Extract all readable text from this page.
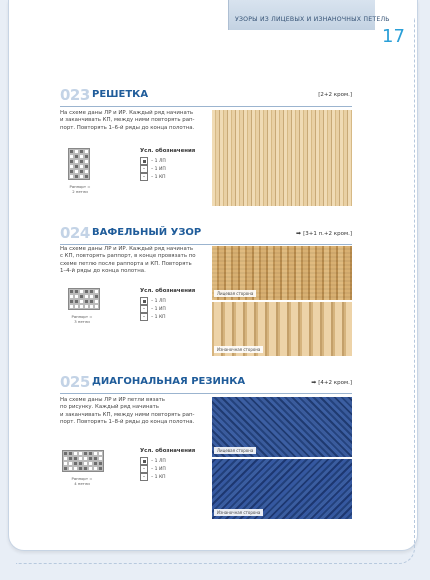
УЗОРЫ ИЗ ЛИЦЕВЫХ И ИЗНАНОЧНЫХ ПЕТЕЛЬ
17
023 РЕШЕТКА	[2+2 кром.]
На схеме даны ЛР и ИР. Каждый ряд начинать
и заканчивать КП, между ними повторять рап-
порт. Повторять 1–6-й ряды до конца полотна.
Раппорт =
2 петли
Усл. обозначения
– 1 ЛП
–	– 1 ИП
–	– 1 КП
024 ВАФЕЛЬНЫЙ УЗОР	➡ [3+1 п.+2 кром.]
На схеме даны ЛР и ИР. Каждый ряд начинать
с КП, повторять раппорт, в конце провязать по
схеме петлю после раппорта и КП. Повторять
1–4-й ряды до конца полотна.
Раппорт =
3 петли
Усл. обозначения
– 1 ЛП
–	– 1 ИП
–	– 1 КП
Лицевая сторона
Изнаночная сторона
025 ДИАГОНАЛЬНАЯ РЕЗИНКА	➡ [4+2 кром.]
На схеме даны ЛР и ИР петли вязать
по рисунку. Каждый ряд начинать
и заканчивать КП, между ними повторять рап-
порт. Повторять 1–8-й ряды до конца полотна.
Раппорт =
4 петли
Усл. обозначения
– 1 ЛП
–	– 1 ИП
–	– 1 КП
Лицевая сторона
Изнаночная сторона
